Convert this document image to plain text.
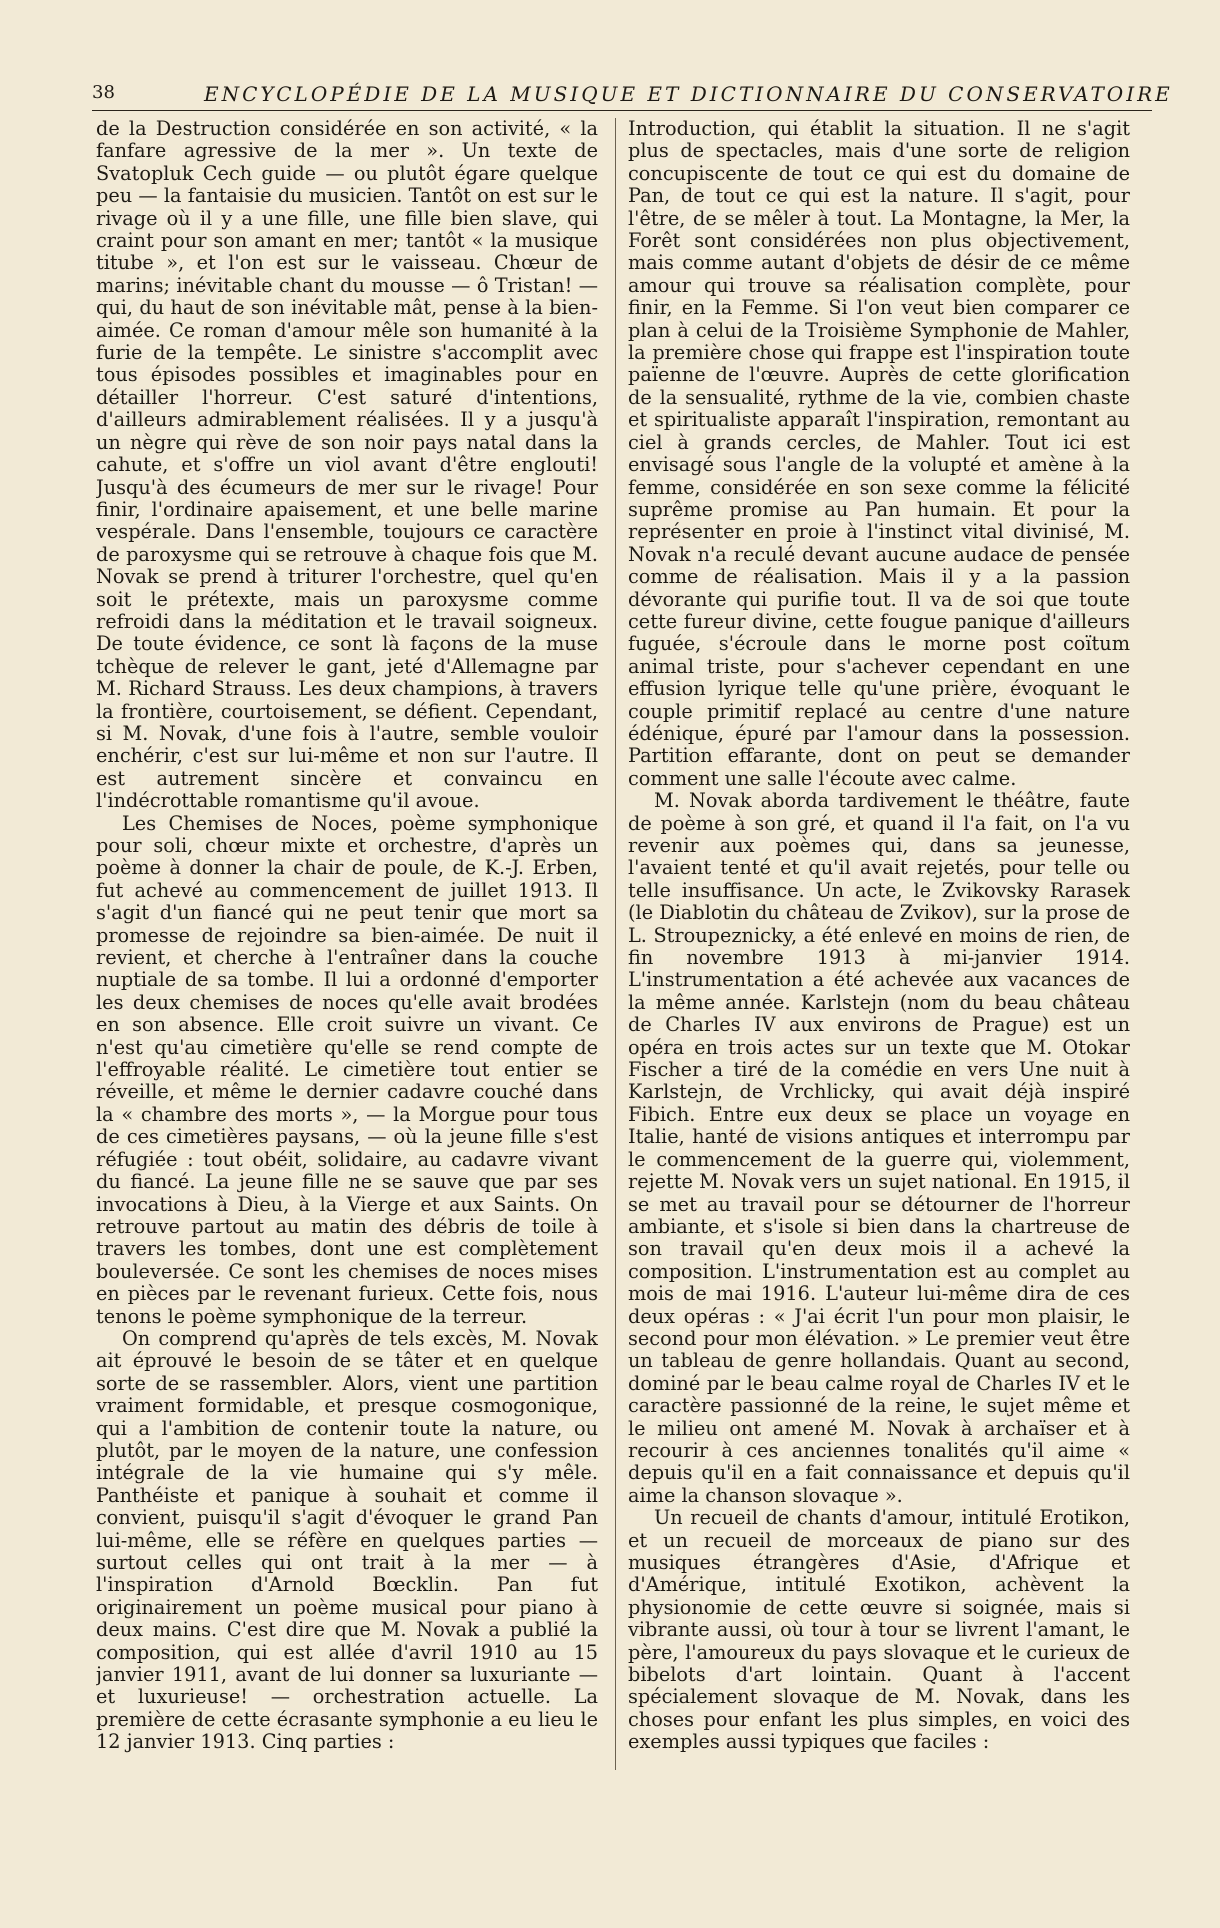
38	ENCYCLOPÉDIE DE LA MUSIQUE ET DICTIONNAIRE DU CONSERVATOIRE

de la Destruction considérée en son activité, « la fanfare agressive de la mer ». Un texte de Svatopluk Cech guide — ou plutôt égare quelque peu — la fantaisie du musicien. Tantôt on est sur le rivage où il y a une fille, une fille bien slave, qui craint pour son amant en mer; tantôt « la musique titube », et l'on est sur le vaisseau. Chœur de marins; inévitable chant du mousse — ô Tristan! —qui, du haut de son inévitable mât, pense à la bien-aimée. Ce roman d'amour mêle son humanité à la furie de la tempête. Le sinistre s'accomplit avec tous épisodes possibles et imaginables pour en détailler l'horreur. C'est saturé d'intentions, d'ailleurs admirablement réalisées. Il y a jusqu'à un nègre qui rève de son noir pays natal dans la cahute, et s'offre un viol avant d'être englouti! Jusqu'à des écumeurs de mer sur le rivage! Pour finir, l'ordinaire apaisement, et une belle marine vespérale. Dans l'ensemble, toujours ce caractère de paroxysme qui se retrouve à chaque fois que M. Novak se prend à triturer l'orchestre, quel qu'en soit le prétexte, mais un paroxysme comme refroidi dans la méditation et le travail soigneux. De toute évidence, ce sont là façons de la muse tchèque de relever le gant, jeté d'Allemagne par M. Richard Strauss. Les deux champions, à travers la frontière, courtoisement, se défient. Cependant, si M. Novak, d'une fois à l'autre, semble vouloir enchérir, c'est sur lui-même et non sur l'autre. Il est autrement sincère et convaincu en l'indécrottable romantisme qu'il avoue.

Les Chemises de Noces, poème symphonique pour soli, chœur mixte et orchestre, d'après un poème à donner la chair de poule, de K.-J. Erben, fut achevé au commencement de juillet 1913. Il s'agit d'un fiancé qui ne peut tenir que mort sa promesse de rejoindre sa bien-aimée. De nuit il revient, et cherche à l'entraîner dans la couche nuptiale de sa tombe. Il lui a ordonné d'emporter les deux chemises de noces qu'elle avait brodées en son absence. Elle croit suivre un vivant. Ce n'est qu'au cimetière qu'elle se rend compte de l'effroyable réalité. Le cimetière tout entier se réveille, et même le dernier cadavre couché dans la « chambre des morts », — la Morgue pour tous de ces cimetières paysans, — où la jeune fille s'est réfugiée : tout obéit, solidaire, au cadavre vivant du fiancé. La jeune fille ne se sauve que par ses invocations à Dieu, à la Vierge et aux Saints. On retrouve partout au matin des débris de toile à travers les tombes, dont une est complètement bouleversée. Ce sont les chemises de noces mises en pièces par le revenant furieux. Cette fois, nous tenons le poème symphonique de la terreur.

On comprend qu'après de tels excès, M. Novak ait éprouvé le besoin de se tâter et en quelque sorte de se rassembler. Alors, vient une partition vraiment formidable, et presque cosmogonique, qui a l'ambition de contenir toute la nature, ou plutôt, par le moyen de la nature, une confession intégrale de la vie humaine qui s'y mêle. Panthéiste et panique à souhait et comme il convient, puisqu'il s'agit d'évoquer le grand Pan lui-même, elle se réfère en quelques parties — surtout celles qui ont trait à la mer — à l'inspiration d'Arnold Bœcklin. Pan fut originairement un poème musical pour piano à deux mains. C'est dire que M. Novak a publié la composition, qui est allée d'avril 1910 au 15 janvier 1911, avant de lui donner sa luxuriante — et luxurieuse! — orchestration actuelle. La première de cette écrasante symphonie a eu lieu le 12 janvier 1913. Cinq parties :

Introduction, qui établit la situation. Il ne s'agit plus de spectacles, mais d'une sorte de religion concupiscente de tout ce qui est du domaine de Pan, de tout ce qui est la nature. Il s'agit, pour l'être, de se mêler à tout. La Montagne, la Mer, la Forêt sont considérées non plus objectivement, mais comme autant d'objets de désir de ce même amour qui trouve sa réalisation complète, pour finir, en la Femme. Si l'on veut bien comparer ce plan à celui de la Troisième Symphonie de Mahler, la première chose qui frappe est l'inspiration toute païenne de l'œuvre. Auprès de cette glorification de la sensualité, rythme de la vie, combien chaste et spiritualiste apparaît l'inspiration, remontant au ciel à grands cercles, de Mahler. Tout ici est envisagé sous l'angle de la volupté et amène à la femme, considérée en son sexe comme la félicité suprême promise au Pan humain. Et pour la représenter en proie à l'instinct vital divinisé, M. Novak n'a reculé devant aucune audace de pensée comme de réalisation. Mais il y a la passion dévorante qui purifie tout. Il va de soi que toute cette fureur divine, cette fougue panique d'ailleurs fuguée, s'écroule dans le morne post coïtum animal triste, pour s'achever cependant en une effusion lyrique telle qu'une prière, évoquant le couple primitif replacé au centre d'une nature édénique, épuré par l'amour dans la possession. Partition effarante, dont on peut se demander comment une salle l'écoute avec calme.

M. Novak aborda tardivement le théâtre, faute de poème à son gré, et quand il l'a fait, on l'a vu revenir aux poèmes qui, dans sa jeunesse, l'avaient tenté et qu'il avait rejetés, pour telle ou telle insuffisance. Un acte, le Zvikovsky Rarasek (le Diablotin du château de Zvikov), sur la prose de L. Stroupeznicky, a été enlevé en moins de rien, de fin novembre 1913 à mi-janvier 1914. L'instrumentation a été achevée aux vacances de la même année. Karlstejn (nom du beau château de Charles IV aux environs de Prague) est un opéra en trois actes sur un texte que M. Otokar Fischer a tiré de la comédie en vers Une nuit à Karlstejn, de Vrchlicky, qui avait déjà inspiré Fibich. Entre eux deux se place un voyage en Italie, hanté de visions antiques et interrompu par le commencement de la guerre qui, violemment, rejette M. Novak vers un sujet national. En 1915, il se met au travail pour se détourner de l'horreur ambiante, et s'isole si bien dans la chartreuse de son travail qu'en deux mois il a achevé la composition. L'instrumentation est au complet au mois de mai 1916. L'auteur lui-même dira de ces deux opéras : « J'ai écrit l'un pour mon plaisir, le second pour mon élévation. » Le premier veut être un tableau de genre hollandais. Quant au second, dominé par le beau calme royal de Charles IV et le caractère passionné de la reine, le sujet même et le milieu ont amené M. Novak à archaïser et à recourir à ces anciennes tonalités qu'il aime « depuis qu'il en a fait connaissance et depuis qu'il aime la chanson slovaque ».

Un recueil de chants d'amour, intitulé Erotikon, et un recueil de morceaux de piano sur des musiques étrangères d'Asie, d'Afrique et d'Amérique, intitulé Exotikon, achèvent la physionomie de cette œuvre si soignée, mais si vibrante aussi, où tour à tour se livrent l'amant, le père, l'amoureux du pays slovaque et le curieux de bibelots d'art lointain. Quant à l'accent spécialement slovaque de M. Novak, dans les choses pour enfant les plus simples, en voici des exemples aussi typiques que faciles :
